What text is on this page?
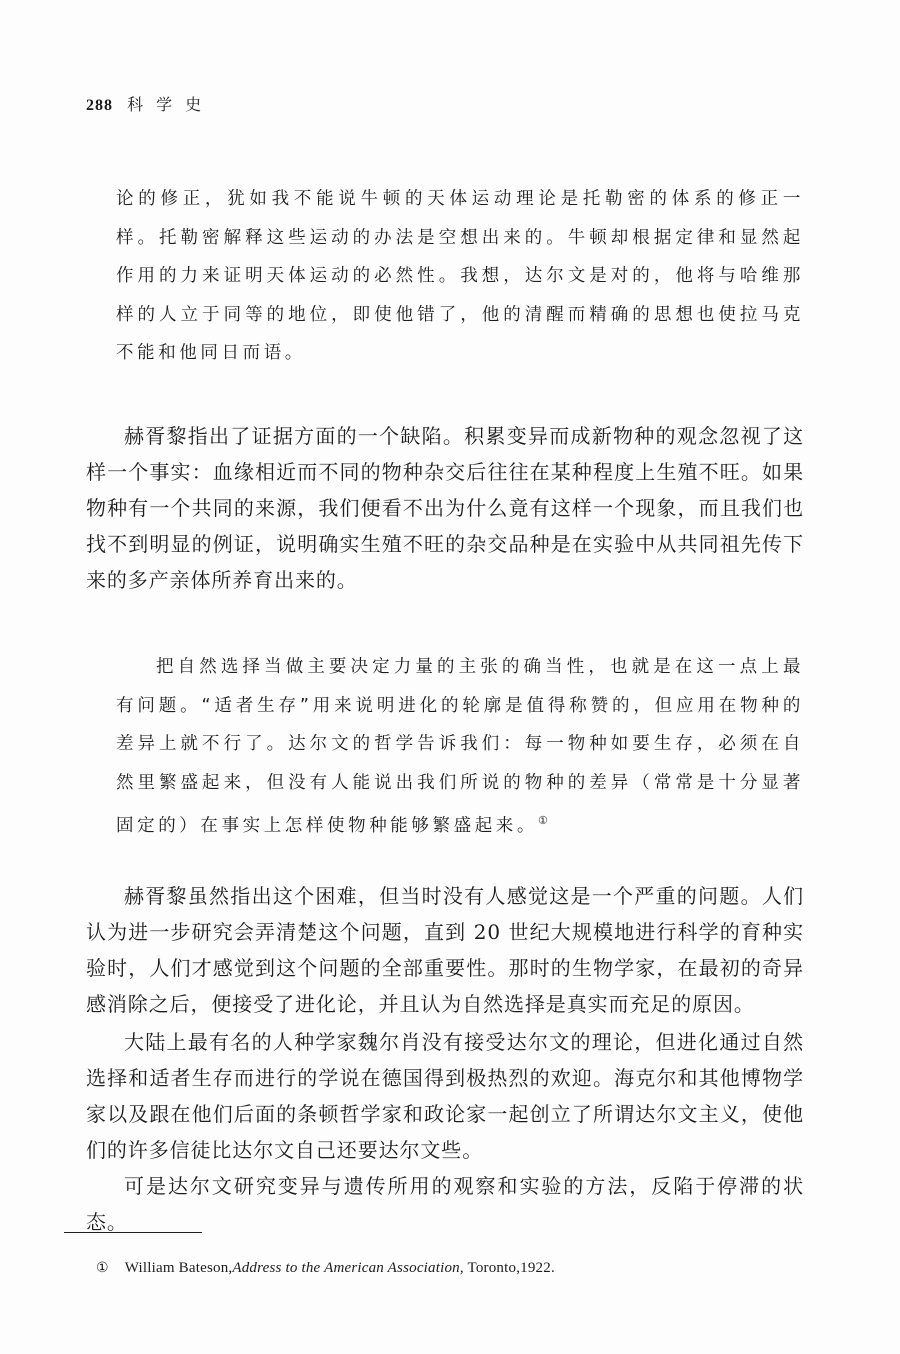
288 科学史

论的修正，犹如我不能说牛顿的天体运动理论是托勒密的体系的修正一样。托勒密解释这些运动的办法是空想出来的。牛顿却根据定律和显然起作用的力来证明天体运动的必然性。我想，达尔文是对的，他将与哈维那样的人立于同等的地位，即使他错了，他的清醒而精确的思想也使拉马克不能和他同日而语。

赫胥黎指出了证据方面的一个缺陷。积累变异而成新物种的观念忽视了这样一个事实：血缘相近而不同的物种杂交后往往在某种程度上生殖不旺。如果物种有一个共同的来源，我们便看不出为什么竟有这样一个现象，而且我们也找不到明显的例证，说明确实生殖不旺的杂交品种是在实验中从共同祖先传下来的多产亲体所养育出来的。

把自然选择当做主要决定力量的主张的确当性，也就是在这一点上最有问题。“适者生存”用来说明进化的轮廓是值得称赞的，但应用在物种的差异上就不行了。达尔文的哲学告诉我们：每一物种如要生存，必须在自然里繁盛起来，但没有人能说出我们所说的物种的差异（常常是十分显著固定的）在事实上怎样使物种能够繁盛起来。①

赫胥黎虽然指出这个困难，但当时没有人感觉这是一个严重的问题。人们认为进一步研究会弄清楚这个问题，直到 20 世纪大规模地进行科学的育种实验时，人们才感觉到这个问题的全部重要性。那时的生物学家，在最初的奇异感消除之后，便接受了进化论，并且认为自然选择是真实而充足的原因。

大陆上最有名的人种学家魏尔肖没有接受达尔文的理论，但进化通过自然选择和适者生存而进行的学说在德国得到极热烈的欢迎。海克尔和其他博物学家以及跟在他们后面的条顿哲学家和政论家一起创立了所谓达尔文主义，使他们的许多信徒比达尔文自己还要达尔文些。

可是达尔文研究变异与遗传所用的观察和实验的方法，反陷于停滞的状态。

① William Bateson,Address to the American Association, Toronto,1922.
